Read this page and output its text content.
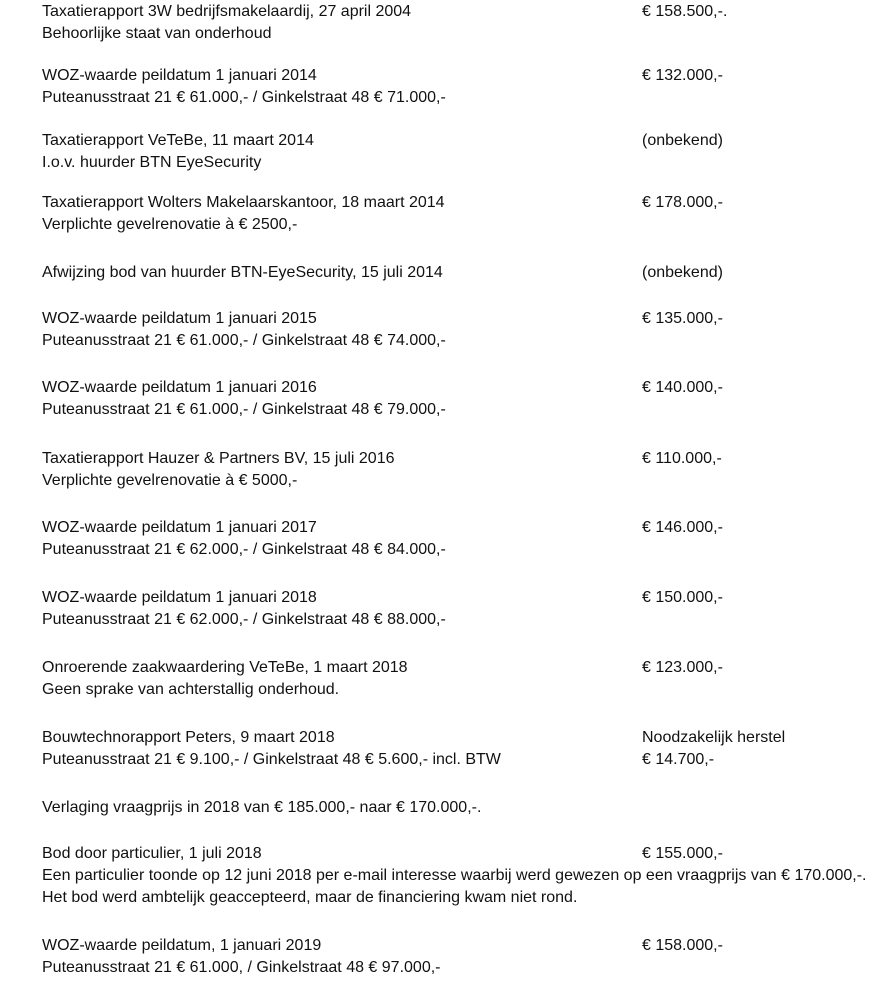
Taxatierapport 3W bedrijfsmakelaardij, 27 april 2004	€ 158.500,-.
Behoorlijke staat van onderhoud
WOZ-waarde peildatum 1 januari 2014	€ 132.000,-
Puteanusstraat 21 € 61.000,- / Ginkelstraat 48 € 71.000,-
Taxatierapport VeTeBe, 11 maart 2014	(onbekend)
I.o.v. huurder BTN EyeSecurity
Taxatierapport Wolters Makelaarskantoor, 18 maart 2014	€ 178.000,-
Verplichte gevelrenovatie à € 2500,-
Afwijzing bod van huurder BTN-EyeSecurity, 15 juli 2014	(onbekend)
WOZ-waarde peildatum 1 januari 2015	€ 135.000,-
Puteanusstraat 21 € 61.000,- / Ginkelstraat 48 € 74.000,-
WOZ-waarde peildatum 1 januari 2016	€ 140.000,-
Puteanusstraat 21 € 61.000,- / Ginkelstraat 48 € 79.000,-
Taxatierapport Hauzer & Partners BV, 15 juli 2016	€ 110.000,-
Verplichte gevelrenovatie à € 5000,-
WOZ-waarde peildatum 1 januari 2017	€ 146.000,-
Puteanusstraat 21 € 62.000,- / Ginkelstraat 48 € 84.000,-
WOZ-waarde peildatum 1 januari 2018	€ 150.000,-
Puteanusstraat 21 € 62.000,- / Ginkelstraat 48 € 88.000,-
Onroerende zaakwaardering VeTeBe, 1 maart 2018	€ 123.000,-
Geen sprake van achterstallig onderhoud.
Bouwtechnorapport Peters, 9 maart 2018	Noodzakelijk herstel
Puteanusstraat 21 € 9.100,- / Ginkelstraat 48 € 5.600,- incl. BTW	€ 14.700,-
Verlaging vraagprijs in 2018 van € 185.000,- naar € 170.000,-.
Bod door particulier, 1 juli 2018	€ 155.000,-
Een particulier toonde op 12 juni 2018 per e-mail interesse waarbij werd gewezen op een vraagprijs van € 170.000,-. Het bod werd ambtelijk geaccepteerd, maar de financiering kwam niet rond.
WOZ-waarde peildatum, 1 januari 2019	€ 158.000,-
Puteanusstraat 21 € 61.000, / Ginkelstraat 48 € 97.000,-
